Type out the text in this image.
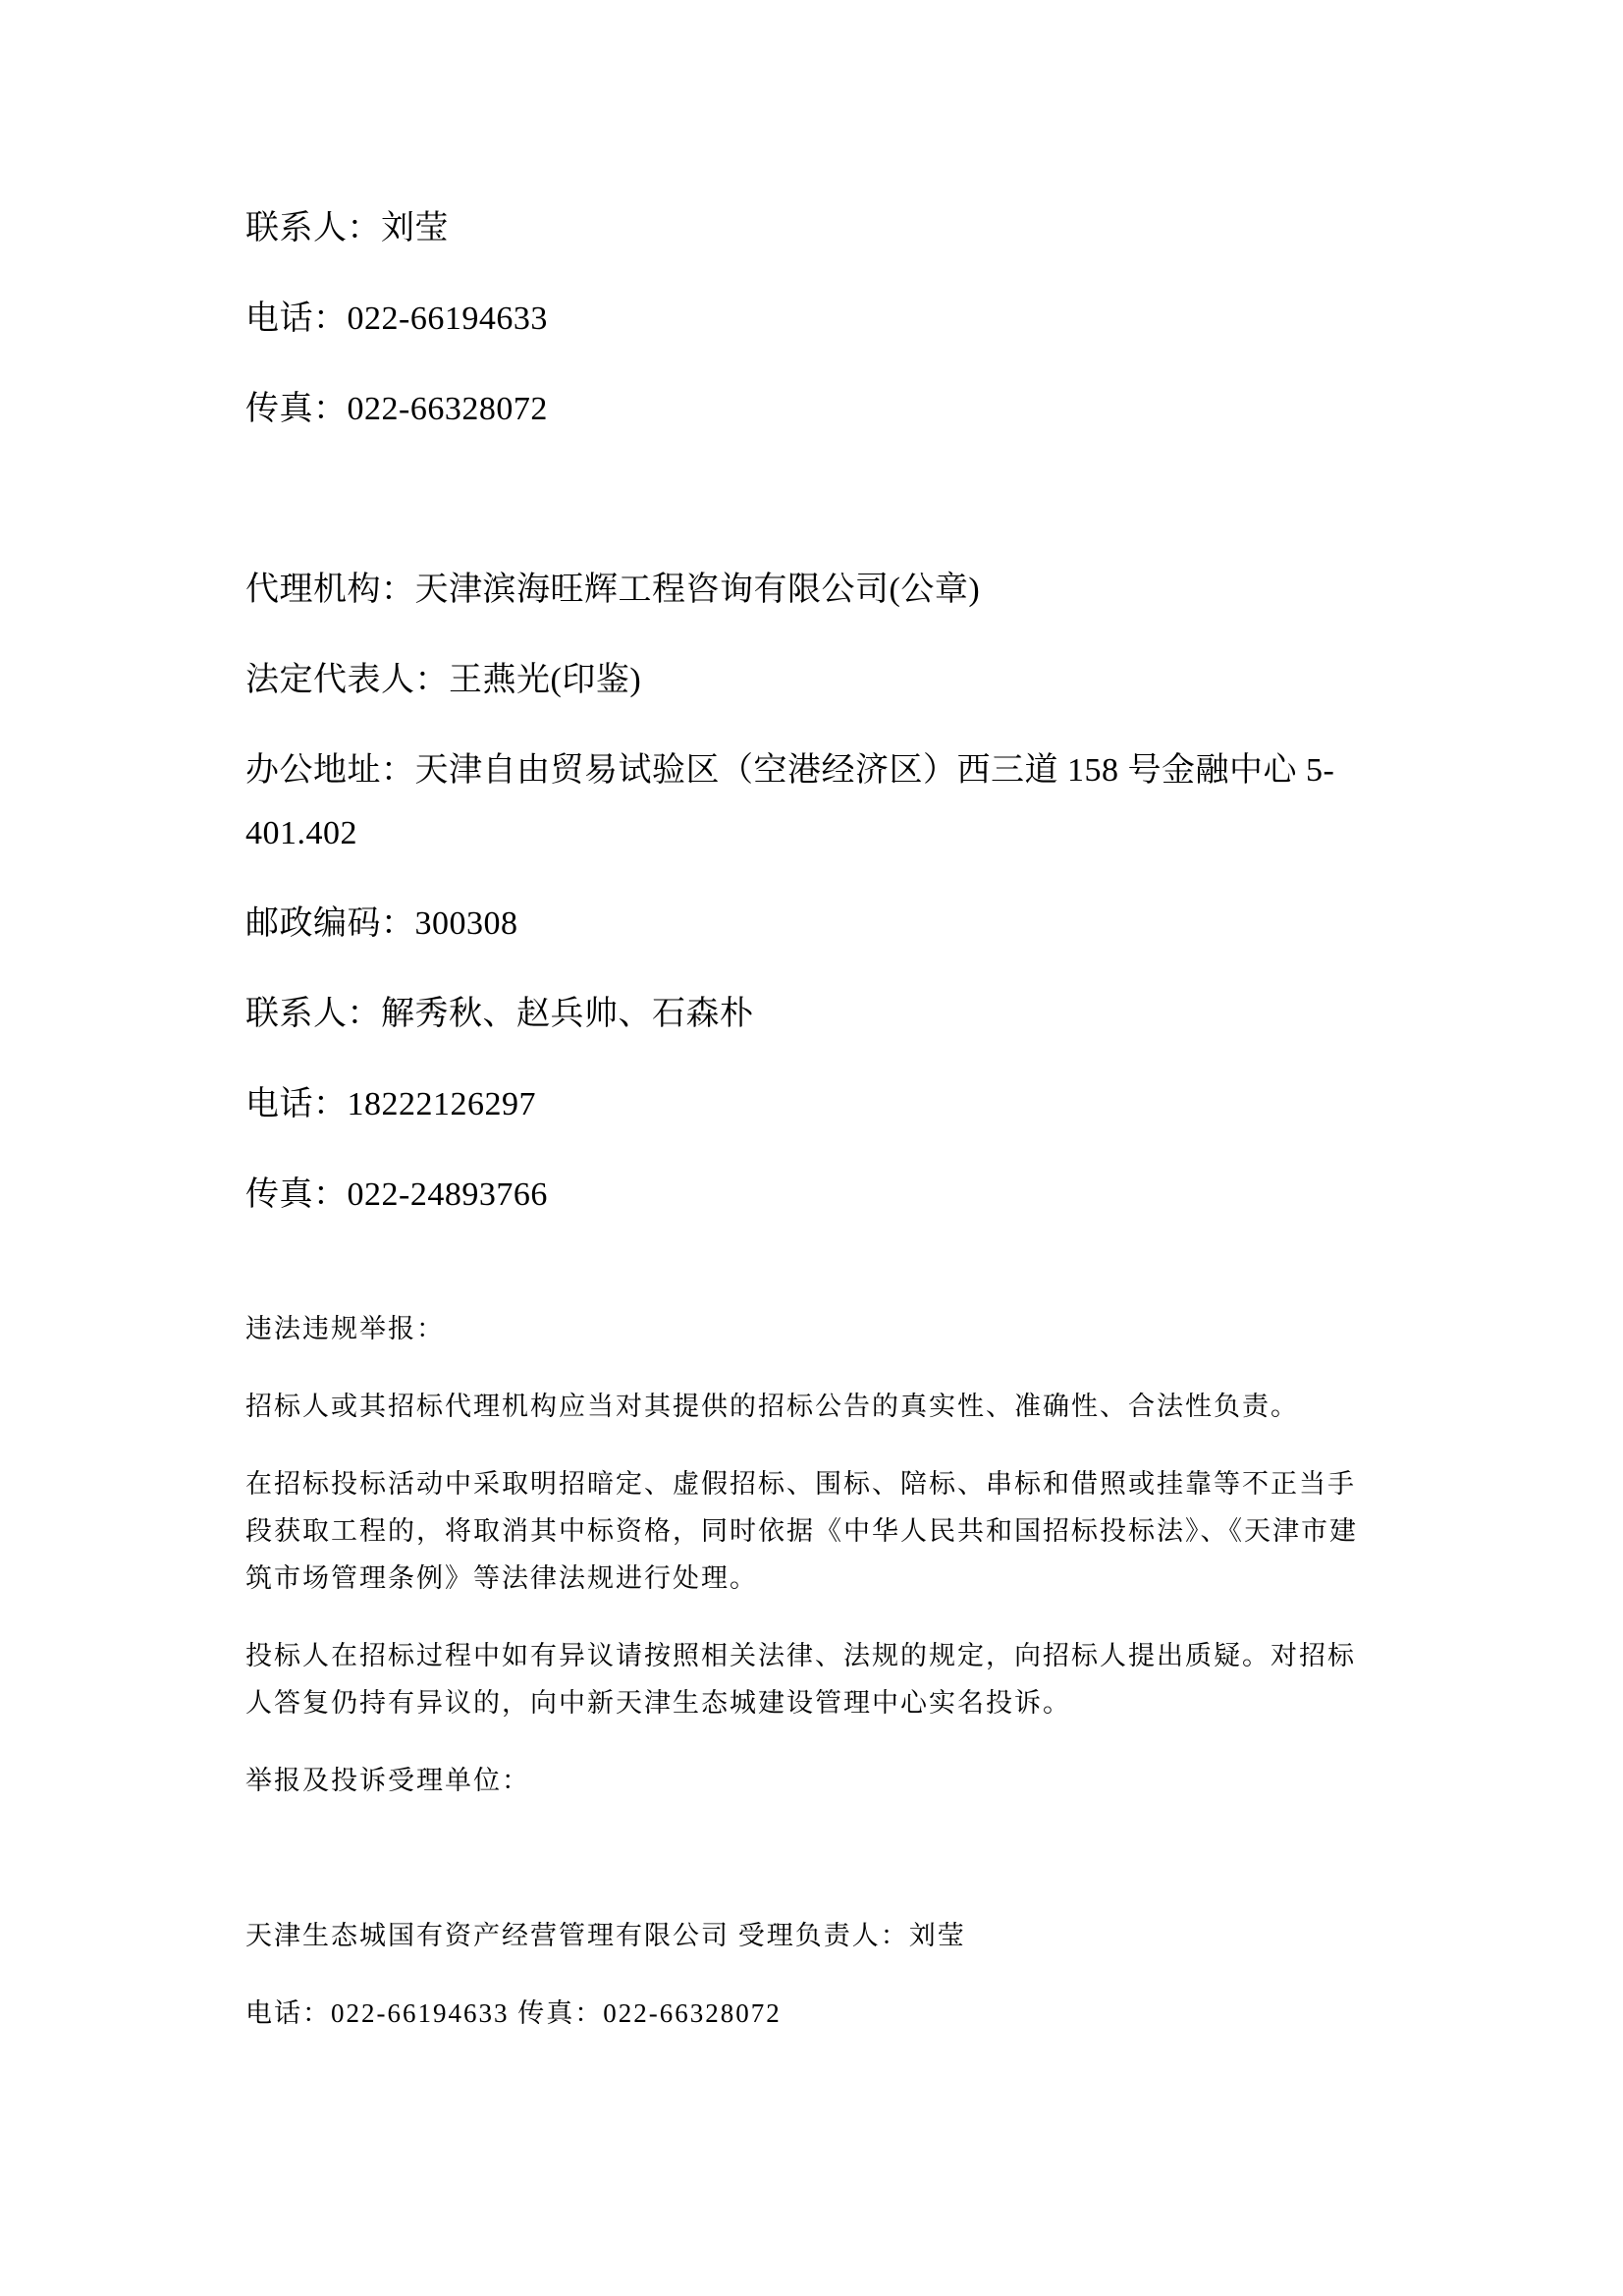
联系人：刘莹
电话：022-66194633
传真：022-66328072
代理机构：天津滨海旺辉工程咨询有限公司(公章)
法定代表人：王燕光(印鉴)
办公地址：天津自由贸易试验区（空港经济区）西三道 158 号金融中心 5-
401.402
邮政编码：300308
联系人：解秀秋、赵兵帅、石森朴
电话：18222126297
传真：022-24893766
违法违规举报：
招标人或其招标代理机构应当对其提供的招标公告的真实性、准确性、合法性负责。
在招标投标活动中采取明招暗定、虚假招标、围标、陪标、串标和借照或挂靠等不正当手
段获取工程的，将取消其中标资格，同时依据《中华人民共和国招标投标法》、《天津市建
筑市场管理条例》等法律法规进行处理。
投标人在招标过程中如有异议请按照相关法律、法规的规定，向招标人提出质疑。对招标
人答复仍持有异议的，向中新天津生态城建设管理中心实名投诉。
举报及投诉受理单位：
天津生态城国有资产经营管理有限公司 受理负责人：刘莹
电话：022-66194633 传真：022-66328072
